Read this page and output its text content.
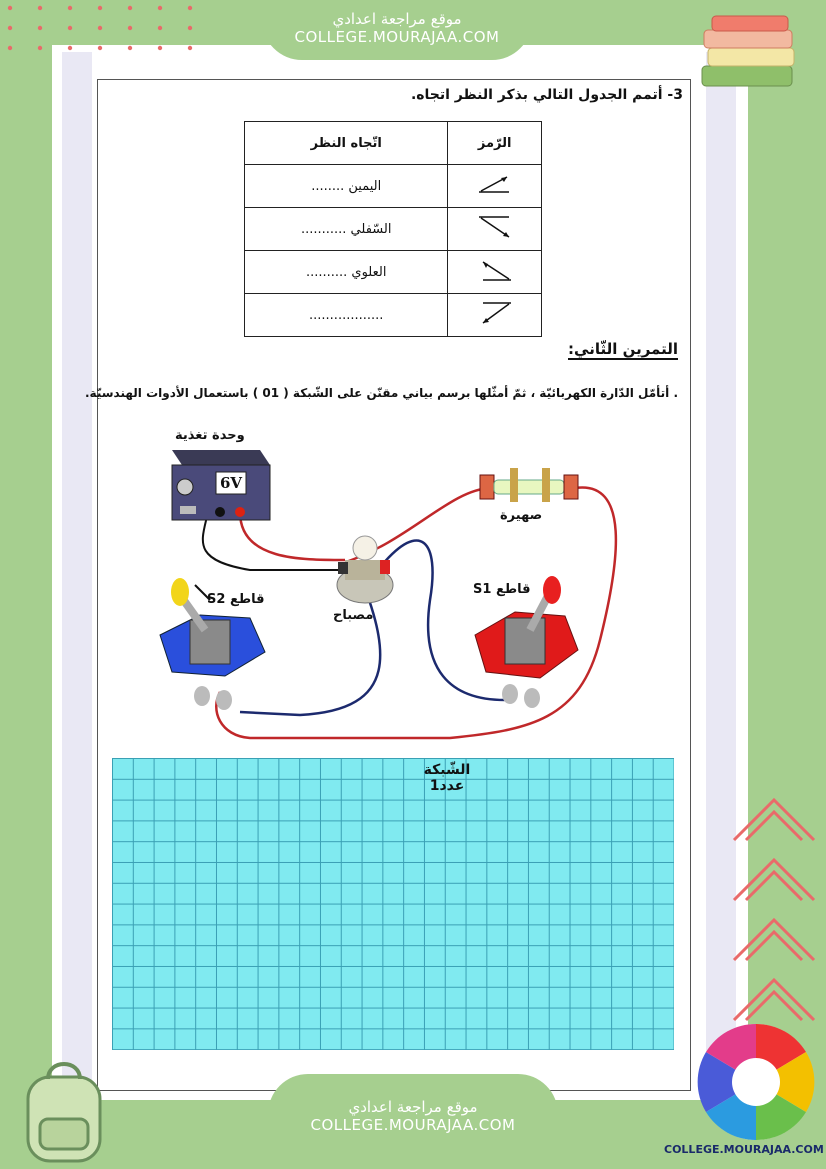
موقع مراجعة اعدادي
COLLEGE.MOURAJAA.COM
3- أتمم الجدول التالي بذكر النظر اتجاه.
اتّجاه النظر	الرّمز
اليمين ........	
السّفلي ...........	
العلوي ..........	
..................	
التمرين الثّاني:
. أتأمّل الدّارة الكهربائيّة ، ثمّ أمثّلها برسم بياني مقنّن على الشّبكة ( 01 ) باستعمال الأدوات الهندسيّة.
6V
وحدة تغذية
صهيرة
مصباح
قاطع S2
قاطع S1
الشّبكة
عدد1
موقع مراجعة اعدادي
COLLEGE.MOURAJAA.COM
COLLEGE.MOURAJAA.COM
